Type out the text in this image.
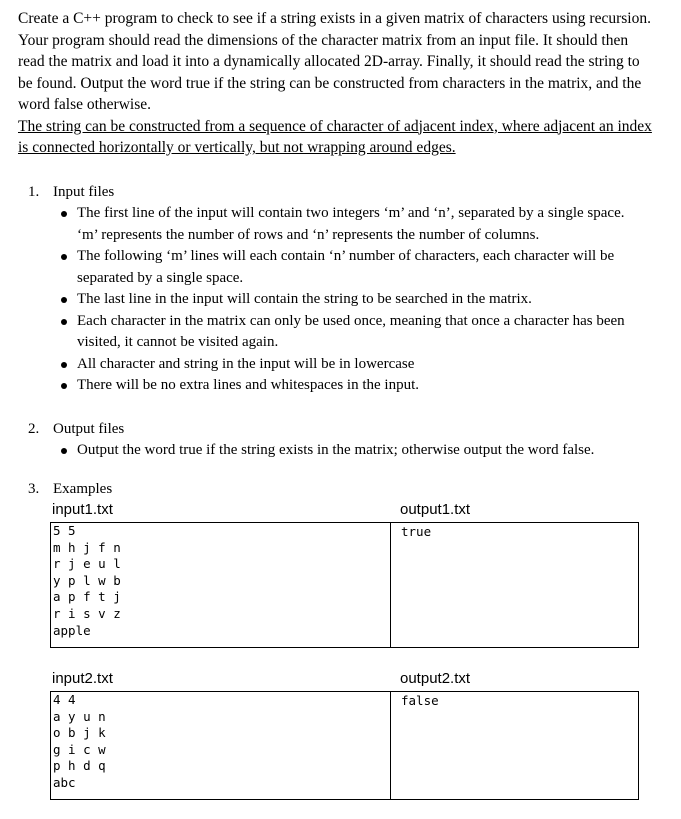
Create a C++ program to check to see if a string exists in a given matrix of characters using recursion. Your program should read the dimensions of the character matrix from an input file. It should then read the matrix and load it into a dynamically allocated 2D-array. Finally, it should read the string to be found. Output the word true if the string can be constructed from characters in the matrix, and the word false otherwise.

The string can be constructed from a sequence of character of adjacent index, where adjacent an index is connected horizontally or vertically, but not wrapping around edges.

1. Input files
The first line of the input will contain two integers ‘m’ and ‘n’, separated by a single space. ‘m’ represents the number of rows and ‘n’ represents the number of columns.
The following ‘m’ lines will each contain ‘n’ number of characters, each character will be separated by a single space.
The last line in the input will contain the string to be searched in the matrix.
Each character in the matrix can only be used once, meaning that once a character has been visited, it cannot be visited again.
All character and string in the input will be in lowercase
There will be no extra lines and whitespaces in the input.
2. Output files
Output the word true if the string exists in the matrix; otherwise output the word false.
3. Examples
input1.txt	output1.txt
5 5
m h j f n
r j e u l
y p l w b
a p f t j
r i s v z
apple
true
input2.txt	output2.txt
4 4
a y u n
o b j k
g i c w
p h d q
abc
false
